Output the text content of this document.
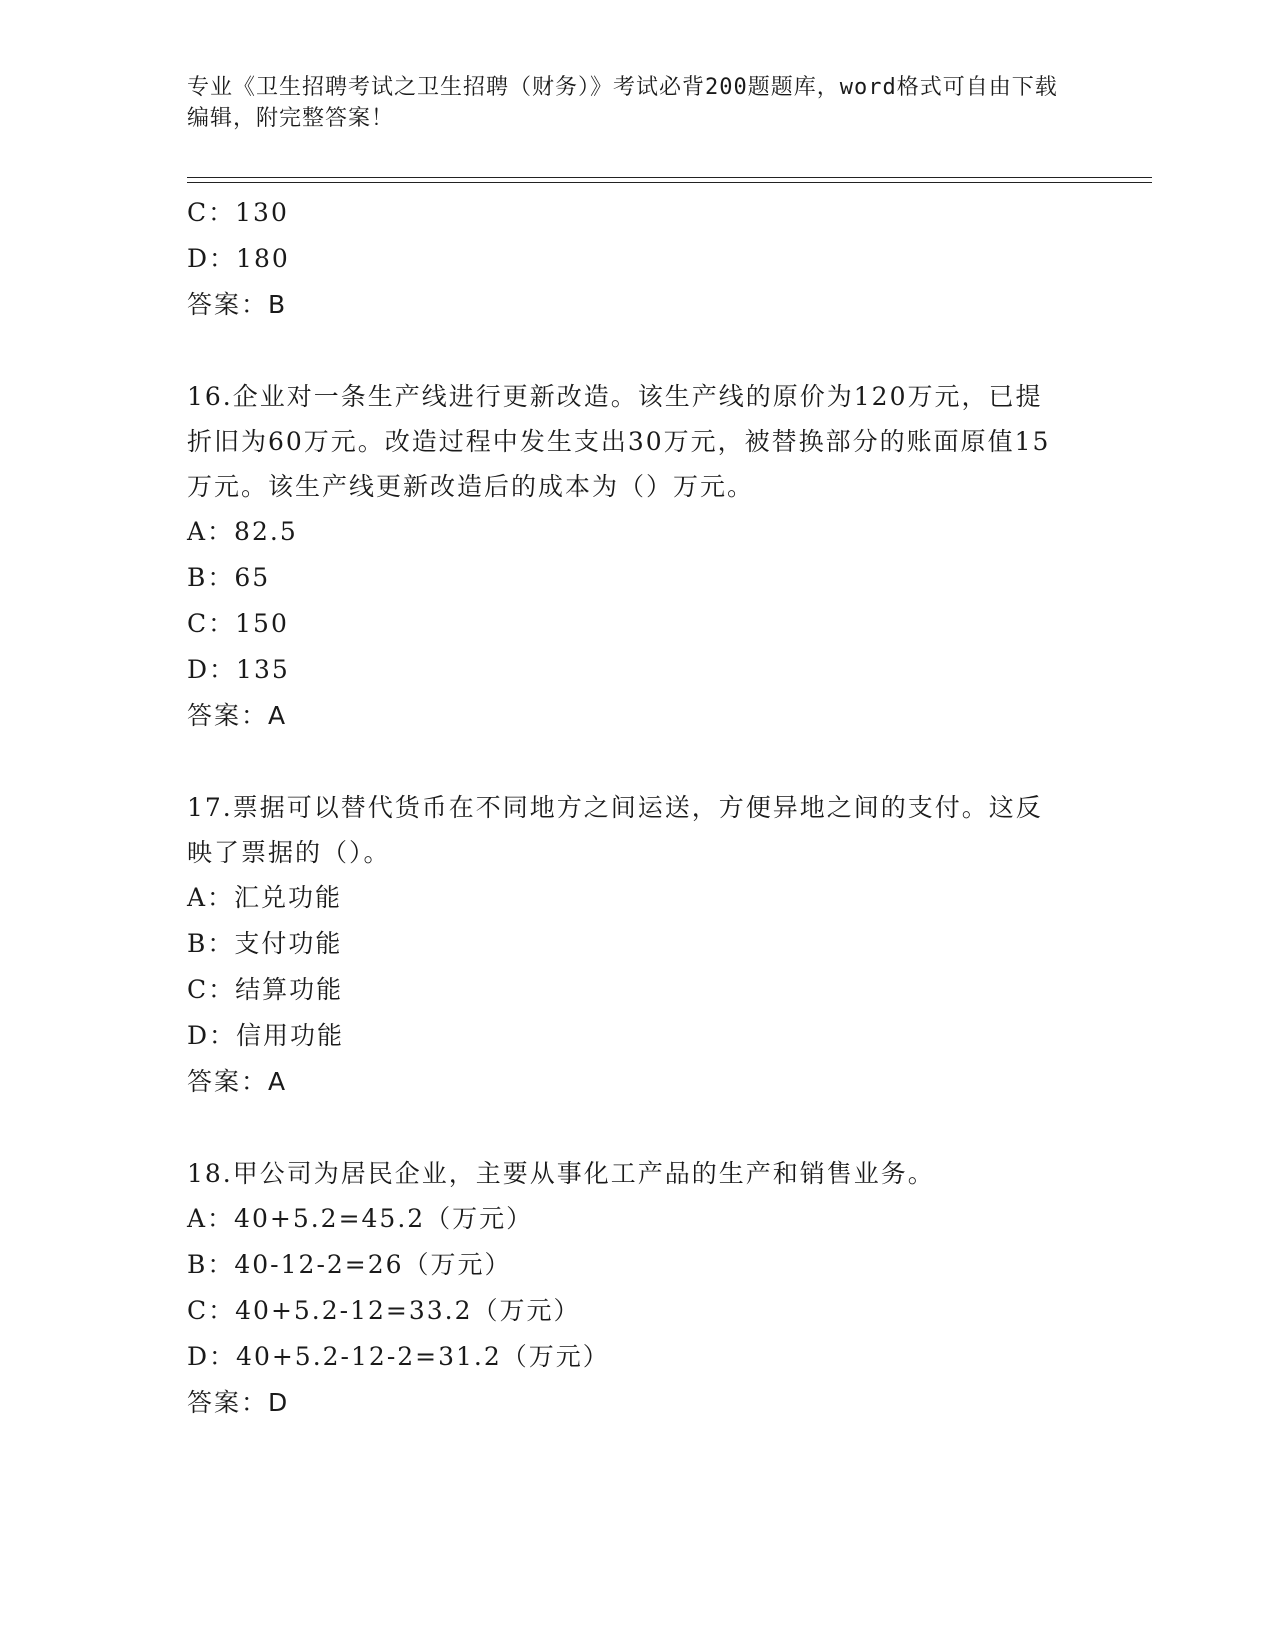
专业《卫生招聘考试之卫生招聘（财务）》考试必背200题题库，word格式可自由下载编辑，附完整答案！
C：130
D：180
答案：B
16.企业对一条生产线进行更新改造。该生产线的原价为120万元，已提折旧为60万元。改造过程中发生支出30万元，被替换部分的账面原值15万元。该生产线更新改造后的成本为（）万元。
A：82.5
B：65
C：150
D：135
答案：A
17.票据可以替代货币在不同地方之间运送，方便异地之间的支付。这反映了票据的（）。
A：汇兑功能
B：支付功能
C：结算功能
D：信用功能
答案：A
18.甲公司为居民企业，主要从事化工产品的生产和销售业务。
A：40+5.2=45.2（万元）
B：40-12-2=26（万元）
C：40+5.2-12=33.2（万元）
D：40+5.2-12-2=31.2（万元）
答案：D
